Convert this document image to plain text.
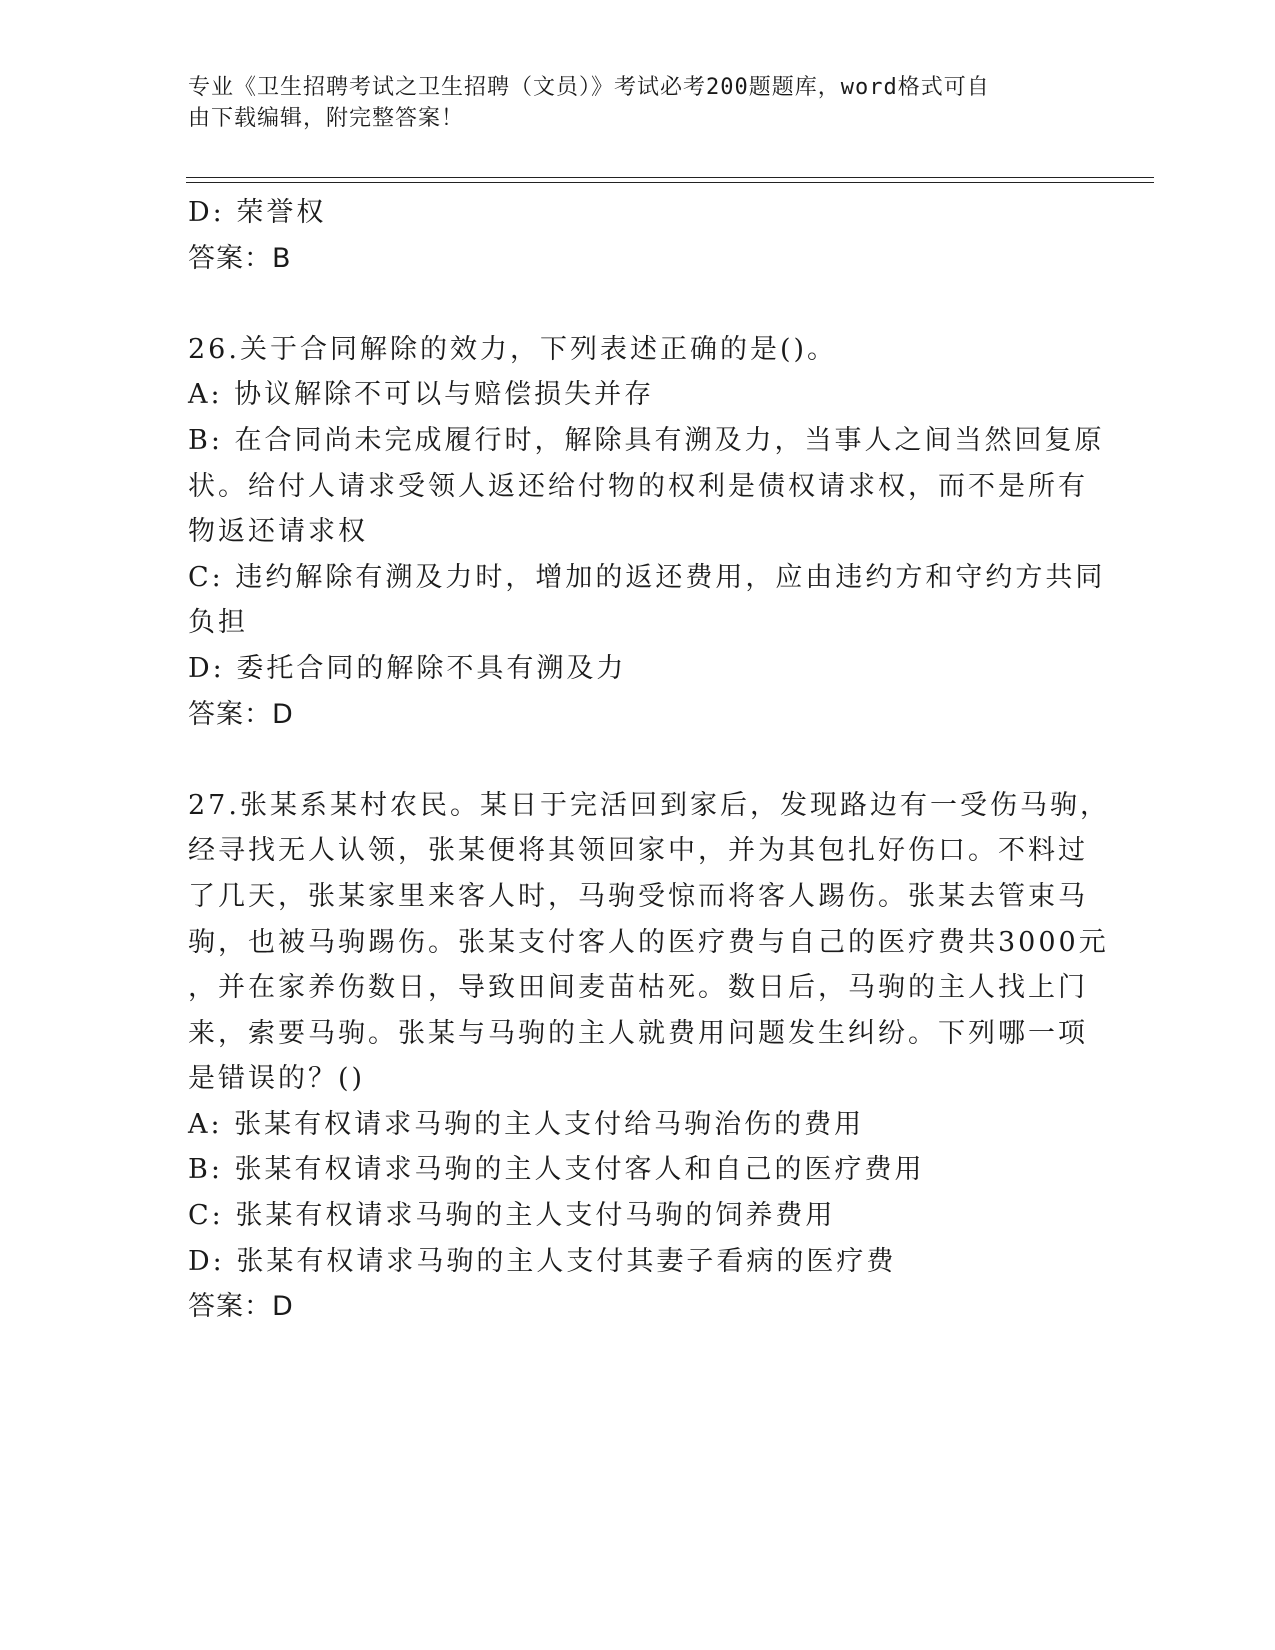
专业《卫生招聘考试之卫生招聘（文员）》考试必考200题题库，word格式可自
由下载编辑，附完整答案！
D: 荣誉权
答案：B
26.关于合同解除的效力，下列表述正确的是()。
A: 协议解除不可以与赔偿损失并存
B: 在合同尚未完成履行时，解除具有溯及力，当事人之间当然回复原
状。给付人请求受领人返还给付物的权利是债权请求权，而不是所有
物返还请求权
C: 违约解除有溯及力时，增加的返还费用，应由违约方和守约方共同
负担
D: 委托合同的解除不具有溯及力
答案：D
27.张某系某村农民。某日于完活回到家后，发现路边有一受伤马驹，
经寻找无人认领，张某便将其领回家中，并为其包扎好伤口。不料过
了几天，张某家里来客人时，马驹受惊而将客人踢伤。张某去管束马
驹，也被马驹踢伤。张某支付客人的医疗费与自己的医疗费共3000元
，并在家养伤数日，导致田间麦苗枯死。数日后，马驹的主人找上门
来，索要马驹。张某与马驹的主人就费用问题发生纠纷。下列哪一项
是错误的？()
A: 张某有权请求马驹的主人支付给马驹治伤的费用
B: 张某有权请求马驹的主人支付客人和自己的医疗费用
C: 张某有权请求马驹的主人支付马驹的饲养费用
D: 张某有权请求马驹的主人支付其妻子看病的医疗费
答案：D
